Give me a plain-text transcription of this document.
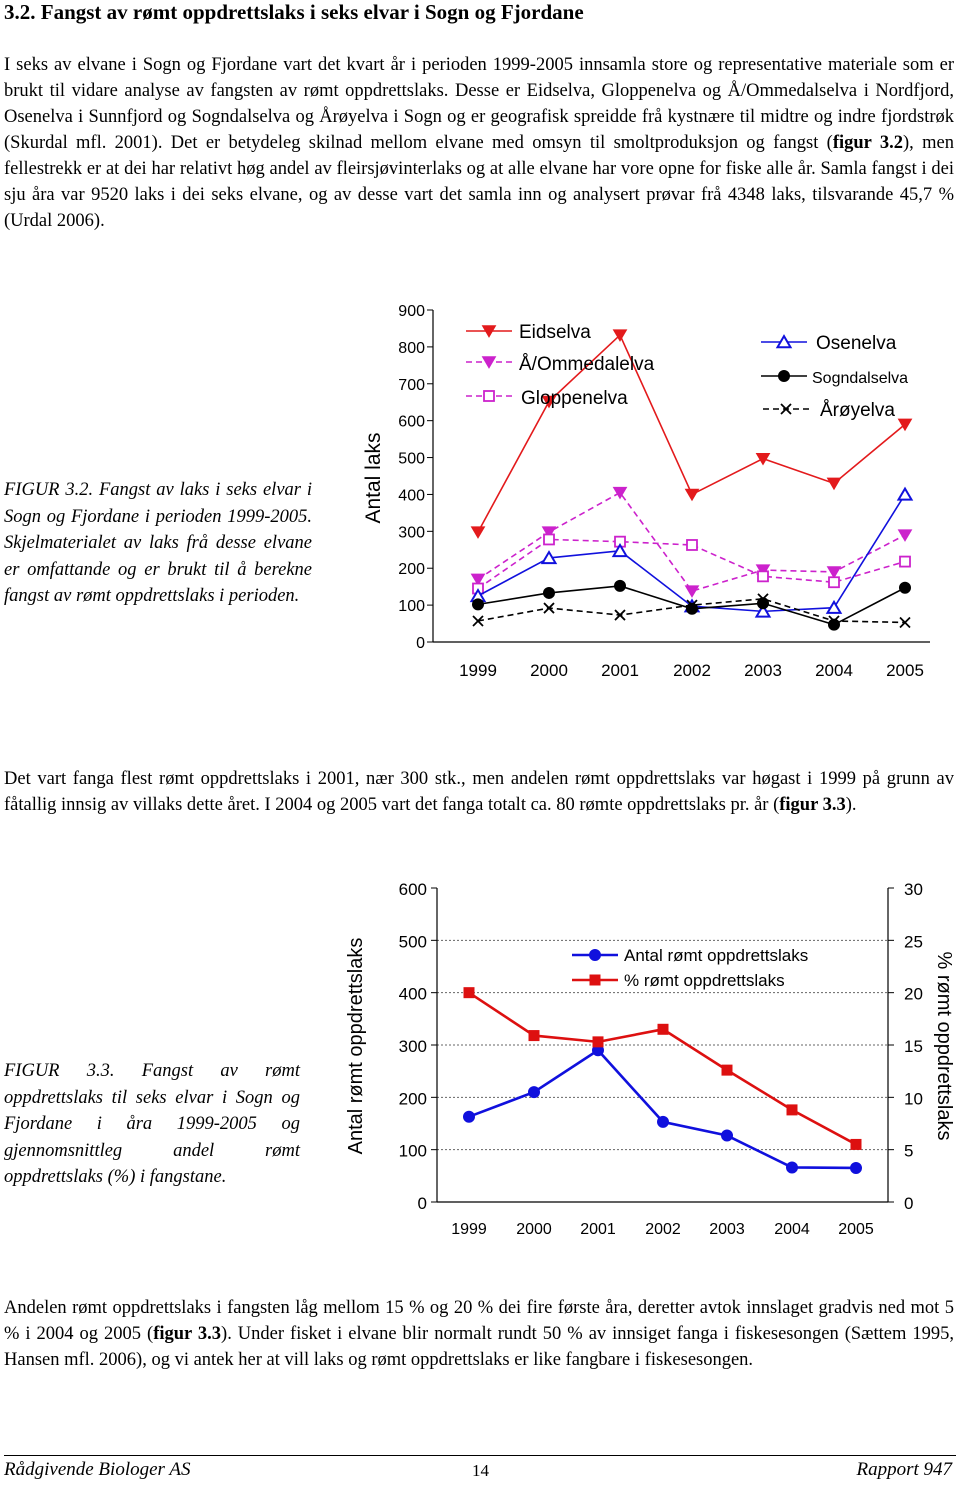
3.2. Fangst av rømt oppdrettslaks i seks elvar i Sogn og Fjordane
I seks av elvane i Sogn og Fjordane vart det kvart år i perioden 1999-2005 innsamla store og representative materiale som er brukt til vidare analyse av fangsten av rømt oppdrettslaks. Desse er Eidselva, Gloppenelva og Å/Ommedalselva i Nordfjord, Osenelva i Sunnfjord og Sogndalselva og Årøyelva i Sogn og er geografisk spreidde frå kystnære til midtre og indre fjordstrøk (Skurdal mfl. 2001). Det er betydeleg skilnad mellom elvane med omsyn til smoltproduksjon og fangst (figur 3.2), men fellestrekk er at dei har relativt høg andel av fleirsjøvinterlaks og at alle elvane har vore opne for fiske alle år. Samla fangst i dei sju åra var 9520 laks i dei seks elvane, og av desse vart det samla inn og analysert prøvar frå 4348 laks, tilsvarande 45,7 % (Urdal 2006).
FIGUR 3.2. Fangst av laks i seks elvar i Sogn og Fjordane i perioden 1999-2005. Skjelmaterialet av laks frå desse elvane er omfattande og er brukt til å berekne fangst av rømt oppdrettslaks i perioden.
0
100
200
300
400
500
600
700
800
900
1999 2000 2001 2002 2003 2004 2005
Antal laks
Eidselva
Å/Ommedalelva
Gloppenelva
Osenelva
Sogndalselva
Årøyelva
Det vart fanga flest rømt oppdrettslaks i 2001, nær 300 stk., men andelen rømt oppdrettslaks var høgast i 1999 på grunn av fåtallig innsig av villaks dette året. I 2004 og 2005 vart det fanga totalt ca. 80 rømte oppdrettslaks pr. år (figur 3.3).
FIGUR 3.3. Fangst av rømt oppdrettslaks til seks elvar i Sogn og Fjordane i åra 1999-2005 og gjennomsnittleg andel rømt oppdrettslaks (%) i fangstane.
0
100
200
300
400
500
600
0
5
10
15
20
25
30
1999 2000 2001 2002 2003 2004 2005
Antal rømt oppdrettslaks	% rømt oppdrettslaks
Antal rømt oppdrettslaks
% rømt oppdrettslaks
Andelen rømt oppdrettslaks i fangsten låg mellom 15 % og 20 % dei fire første åra, deretter avtok innslaget gradvis ned mot 5 % i 2004 og 2005 (figur 3.3). Under fisket i elvane blir normalt rundt 50 % av innsiget fanga i fiskesesongen (Sættem 1995, Hansen mfl. 2006), og vi antek her at vill laks og rømt oppdrettslaks er like fangbare i fiskesesongen.
Rådgivende Biologer AS	14	Rapport 947
